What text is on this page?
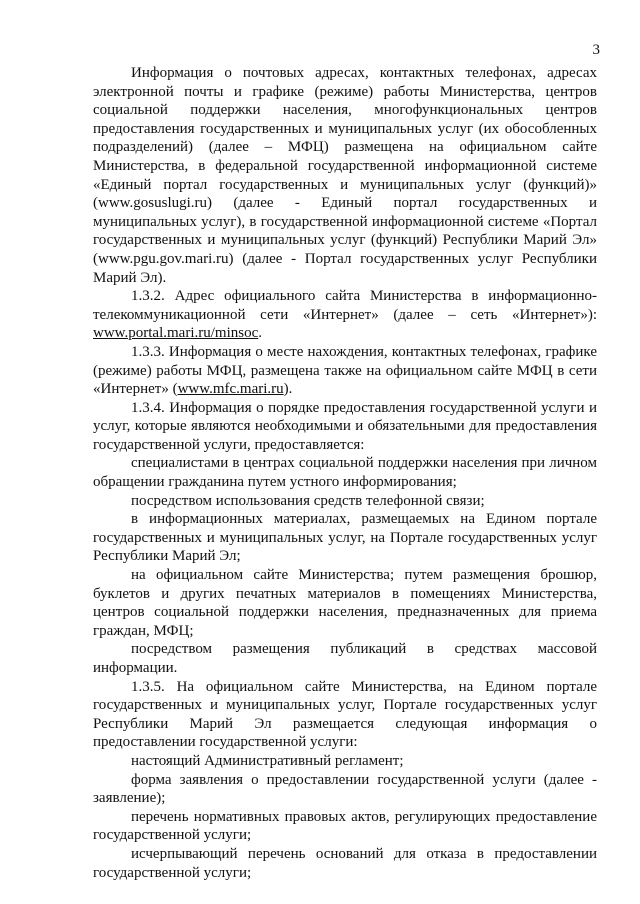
3

Информация о почтовых адресах, контактных телефонах, адресах электронной почты и графике (режиме) работы Министерства, центров социальной поддержки населения, многофункциональных центров предоставления государственных и муниципальных услуг (их обособленных подразделений) (далее – МФЦ) размещена на официальном сайте Министерства, в федеральной государственной информационной системе «Единый портал государственных и муниципальных услуг (функций)» (www.gosuslugi.ru) (далее - Единый портал государственных и муниципальных услуг), в государственной информационной системе «Портал государственных и муниципальных услуг (функций) Республики Марий Эл» (www.pgu.gov.mari.ru) (далее - Портал государственных услуг Республики Марий Эл).

1.3.2. Адрес официального сайта Министерства в информационно-телекоммуникационной сети «Интернет» (далее – сеть «Интернет»): www.portal.mari.ru/minsoc.

1.3.3. Информация о месте нахождения, контактных телефонах, графике (режиме) работы МФЦ, размещена также на официальном сайте МФЦ в сети «Интернет» (www.mfc.mari.ru).

1.3.4. Информация о порядке предоставления государственной услуги и услуг, которые являются необходимыми и обязательными для предоставления государственной услуги, предоставляется:

специалистами в центрах социальной поддержки населения при личном обращении гражданина путем устного информирования;

посредством использования средств телефонной связи;

в информационных материалах, размещаемых на Едином портале государственных и муниципальных услуг, на Портале государственных услуг Республики Марий Эл;

на официальном сайте Министерства; путем размещения брошюр, буклетов и других печатных материалов в помещениях Министерства, центров социальной поддержки населения, предназначенных для приема граждан, МФЦ;

посредством размещения публикаций в средствах массовой информации.

1.3.5. На официальном сайте Министерства, на Едином портале государственных и муниципальных услуг, Портале государственных услуг Республики Марий Эл размещается следующая информация о предоставлении государственной услуги:

настоящий Административный регламент;

форма заявления о предоставлении государственной услуги (далее - заявление);

перечень нормативных правовых актов, регулирующих предоставление государственной услуги;

исчерпывающий перечень оснований для отказа в предоставлении государственной услуги;
